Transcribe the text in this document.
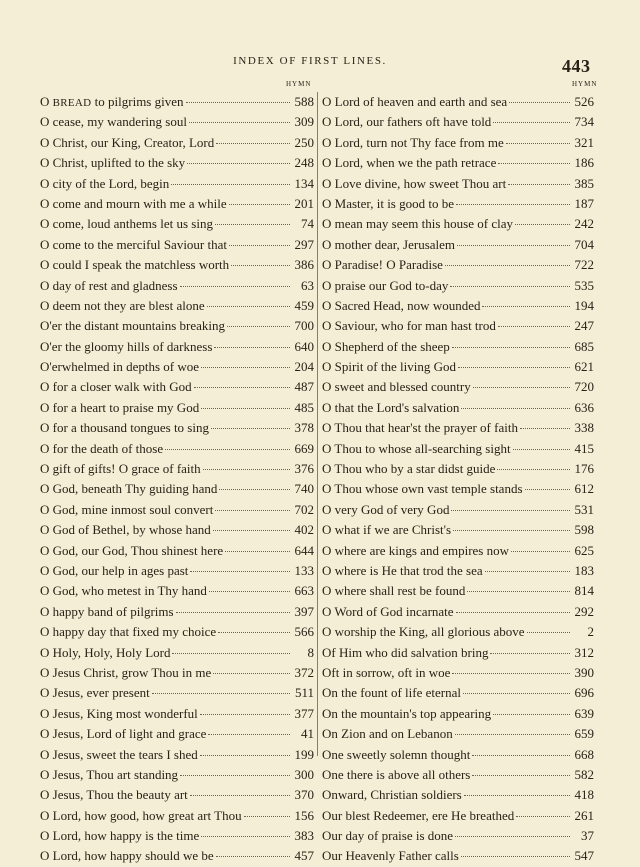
INDEX OF FIRST LINES.	443
HYMN	HYMN
O BREAD to pilgrims given	588
O cease, my wandering soul	309
O Christ, our King, Creator, Lord	250
O Christ, uplifted to the sky	248
O city of the Lord, begin	134
O come and mourn with me a while	201
O come, loud anthems let us sing	74
O come to the merciful Saviour that	297
O could I speak the matchless worth	386
O day of rest and gladness	63
O deem not they are blest alone	459
O'er the distant mountains breaking	700
O'er the gloomy hills of darkness	640
O'erwhelmed in depths of woe	204
O for a closer walk with God	487
O for a heart to praise my God	485
O for a thousand tongues to sing	378
O for the death of those	669
O gift of gifts! O grace of faith	376
O God, beneath Thy guiding hand	740
O God, mine inmost soul convert	702
O God of Bethel, by whose hand	402
O God, our God, Thou shinest here	644
O God, our help in ages past	133
O God, who metest in Thy hand	663
O happy band of pilgrims	397
O happy day that fixed my choice	566
O Holy, Holy, Holy Lord	8
O Jesus Christ, grow Thou in me	372
O Jesus, ever present	511
O Jesus, King most wonderful	377
O Jesus, Lord of light and grace	41
O Jesus, sweet the tears I shed	199
O Jesus, Thou art standing	300
O Jesus, Thou the beauty art	370
O Lord, how good, how great art Thou	156
O Lord, how happy is the time	383
O Lord, how happy should we be	457
O Lord of heaven and earth and sea	526
O Lord, our fathers oft have told	734
O Lord, turn not Thy face from me	321
O Lord, when we the path retrace	186
O Love divine, how sweet Thou art	385
O Master, it is good to be	187
O mean may seem this house of clay	242
O mother dear, Jerusalem	704
O Paradise! O Paradise	722
O praise our God to-day	535
O Sacred Head, now wounded	194
O Saviour, who for man hast trod	247
O Shepherd of the sheep	685
O Spirit of the living God	621
O sweet and blessed country	720
O that the Lord's salvation	636
O Thou that hear'st the prayer of faith	338
O Thou to whose all-searching sight	415
O Thou who by a star didst guide	176
O Thou whose own vast temple stands	612
O very God of very God	531
O what if we are Christ's	598
O where are kings and empires now	625
O where is He that trod the sea	183
O where shall rest be found	814
O Word of God incarnate	292
O worship the King, all glorious above	2
Of Him who did salvation bring	312
Oft in sorrow, oft in woe	390
On the fount of life eternal	696
On the mountain's top appearing	639
On Zion and on Lebanon	659
One sweetly solemn thought	668
One there is above all others	582
Onward, Christian soldiers	418
Our blest Redeemer, ere He breathed	261
Our day of praise is done	37
Our Heavenly Father calls	547
